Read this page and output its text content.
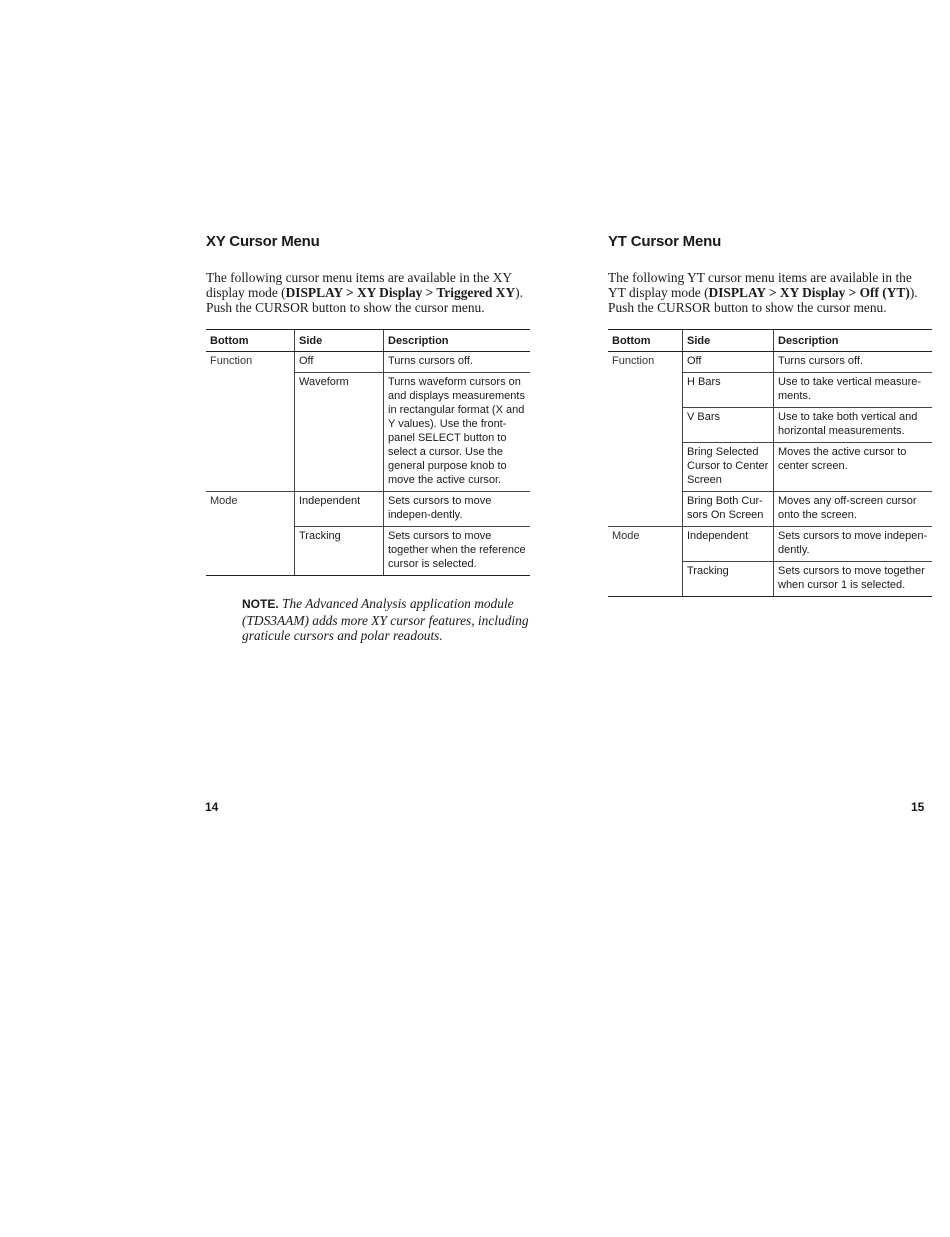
XY Cursor Menu

The following cursor menu items are available in the XY display mode (DISPLAY > XY Display > Triggered XY). Push the CURSOR button to show the cursor menu.

Bottom	Side	Description
Function	Off	Turns cursors off.
	Waveform	Turns waveform cursors on and displays measurements in rectangular format (X and Y values). Use the front-panel SELECT button to select a cursor. Use the general purpose knob to move the active cursor.
Mode	Independent	Sets cursors to move indepen-dently.
	Tracking	Sets cursors to move together when the reference cursor is selected.
NOTE. The Advanced Analysis application module (TDS3AAM) adds more XY cursor features, including graticule cursors and polar readouts.
YT Cursor Menu

The following YT cursor menu items are available in the YT display mode (DISPLAY > XY Display > Off (YT)). Push the CURSOR button to show the cursor menu.

Bottom	Side	Description
Function	Off	Turns cursors off.
	H Bars	Use to take vertical measure-ments.
	V Bars	Use to take both vertical and horizontal measurements.
	Bring Selected Cursor to Center Screen	Moves the active cursor to center screen.
	Bring Both Cur-sors On Screen	Moves any off-screen cursor onto the screen.
Mode	Independent	Sets cursors to move indepen-dently.
	Tracking	Sets cursors to move together when cursor 1 is selected.
14	15
